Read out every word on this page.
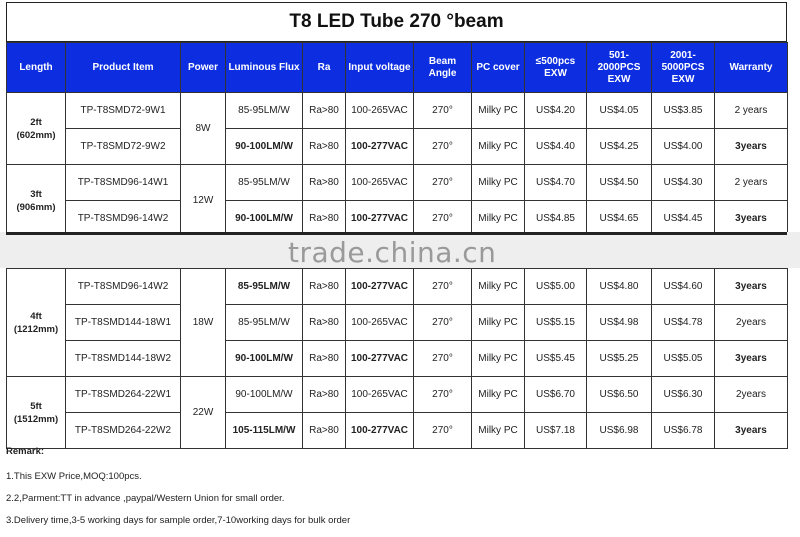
T8 LED Tube 270 °beam
Length	Product Item	Power	Luminous Flux	Ra	Input voltage	Beam Angle	PC cover	≤500pcs EXW	501-2000PCS EXW	2001-5000PCS EXW	Warranty
2ft
(602mm)	TP-T8SMD72-9W1	8W	85-95LM/W	Ra>80	100-265VAC	270°	Milky PC	US$4.20	US$4.05	US$3.85	2 years
	TP-T8SMD72-9W2		90-100LM/W	Ra>80	100-277VAC	270°	Milky PC	US$4.40	US$4.25	US$4.00	3years
3ft
(906mm)	TP-T8SMD96-14W1	12W	85-95LM/W	Ra>80	100-265VAC	270°	Milky PC	US$4.70	US$4.50	US$4.30	2 years
	TP-T8SMD96-14W2		90-100LM/W	Ra>80	100-277VAC	270°	Milky PC	US$4.85	US$4.65	US$4.45	3years
trade.china.cn
4ft
(1212mm)	TP-T8SMD96-14W2	18W	85-95LM/W	Ra>80	100-277VAC	270°	Milky PC	US$5.00	US$4.80	US$4.60	3years
	TP-T8SMD144-18W1		85-95LM/W	Ra>80	100-265VAC	270°	Milky PC	US$5.15	US$4.98	US$4.78	2years
	TP-T8SMD144-18W2		90-100LM/W	Ra>80	100-277VAC	270°	Milky PC	US$5.45	US$5.25	US$5.05	3years
5ft
(1512mm)	TP-T8SMD264-22W1	22W	90-100LM/W	Ra>80	100-265VAC	270°	Milky PC	US$6.70	US$6.50	US$6.30	2years
	TP-T8SMD264-22W2		105-115LM/W	Ra>80	100-277VAC	270°	Milky PC	US$7.18	US$6.98	US$6.78	3years
Remark:
1.This EXW Price,MOQ:100pcs.
2.2,Parment:TT in advance ,paypal/Western Union for small order.
3.Delivery time,3-5 working days for sample order,7-10working days for bulk order
